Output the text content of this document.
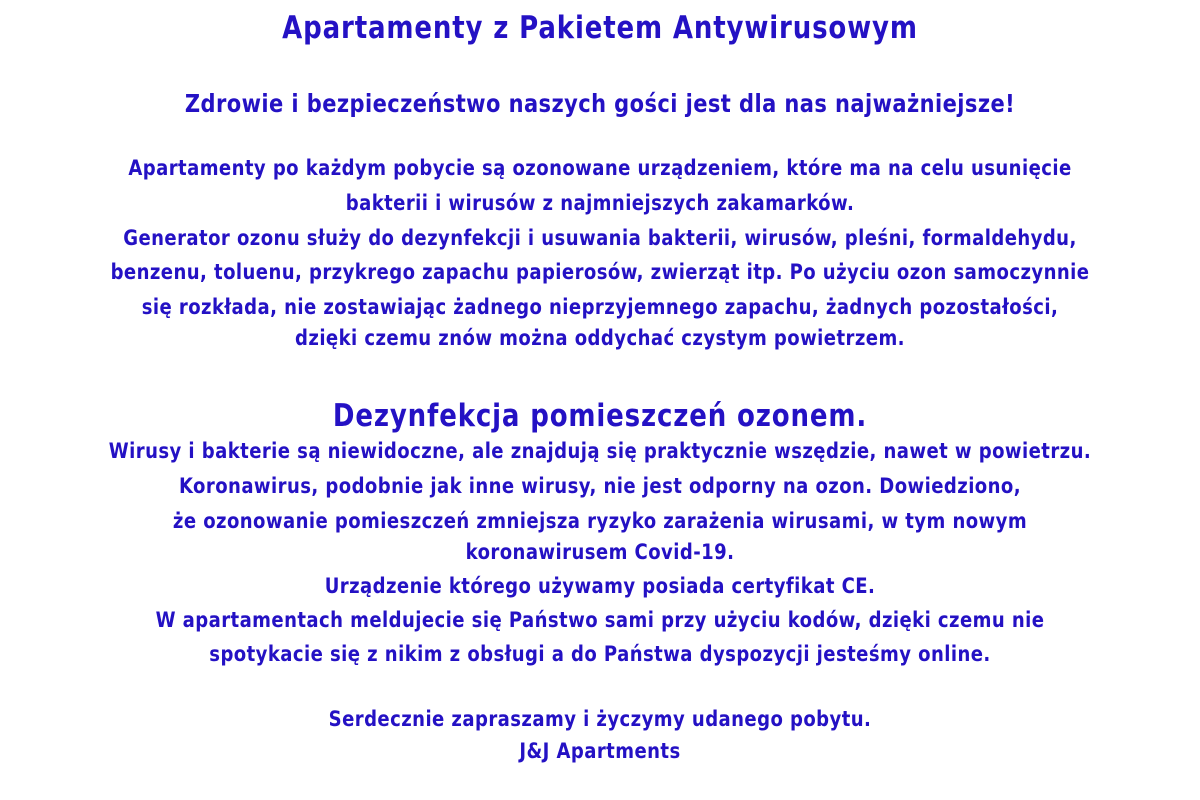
Apartamenty z Pakietem Antywirusowym
Zdrowie i bezpieczeństwo naszych gości jest dla nas najważniejsze!
Apartamenty po każdym pobycie są ozonowane urządzeniem, które ma na celu usunięcie
bakterii i wirusów z najmniejszych zakamarków.
Generator ozonu służy do dezynfekcji i usuwania bakterii, wirusów, pleśni, formaldehydu,
benzenu, toluenu, przykrego zapachu papierosów, zwierząt itp. Po użyciu ozon samoczynnie
się rozkłada, nie zostawiając żadnego nieprzyjemnego zapachu, żadnych pozostałości,
dzięki czemu znów można oddychać czystym powietrzem.
Dezynfekcja pomieszczeń ozonem.
Wirusy i bakterie są niewidoczne, ale znajdują się praktycznie wszędzie, nawet w powietrzu.
Koronawirus, podobnie jak inne wirusy, nie jest odporny na ozon. Dowiedziono,
że ozonowanie pomieszczeń zmniejsza ryzyko zarażenia wirusami, w tym nowym
koronawirusem Covid-19.
Urządzenie którego używamy posiada certyfikat CE.
W apartamentach meldujecie się Państwo sami przy użyciu kodów, dzięki czemu nie
spotykacie się z nikim z obsługi a do Państwa dyspozycji jesteśmy online.
Serdecznie zapraszamy i życzymy udanego pobytu.
J&J Apartments
